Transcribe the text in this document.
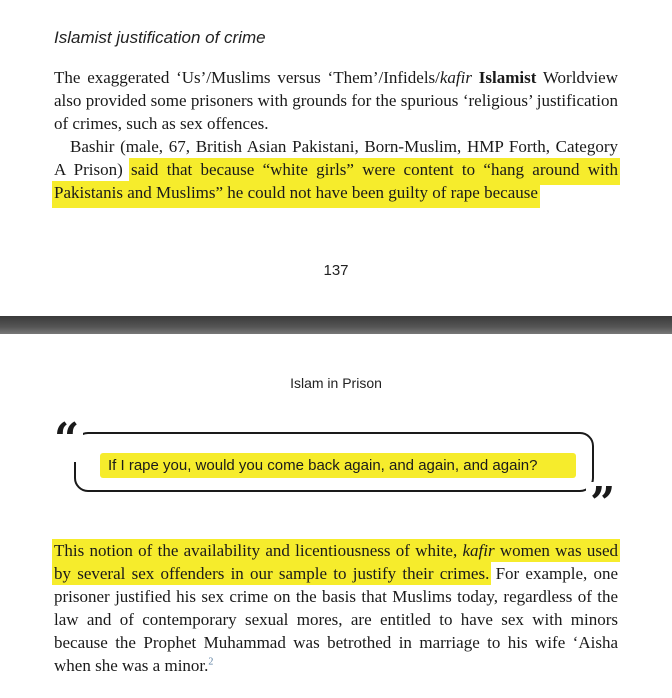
Islamist justification of crime

The exaggerated ‘Us’/Muslims versus ‘Them’/Infidels/kafir Islamist Worldview also provided some prisoners with grounds for the spurious ‘religious’ justification of crimes, such as sex offences.

Bashir (male, 67, British Asian Pakistani, Born-Muslim, HMP Forth, Category A Prison) said that because “white girls” were content to “hang around with Pakistanis and Muslims” he could not have been guilty of rape because

137
Islam in Prison
“
”
If I rape you, would you come back again, and again, and again?

This notion of the availability and licentiousness of white, kafir women was used by several sex offenders in our sample to justify their crimes. For example, one prisoner justified his sex crime on the basis that Muslims today, regardless of the law and of contemporary sexual mores, are entitled to have sex with minors because the Prophet Muhammad was betrothed in marriage to his wife ‘Aisha when she was a minor.$^2$
